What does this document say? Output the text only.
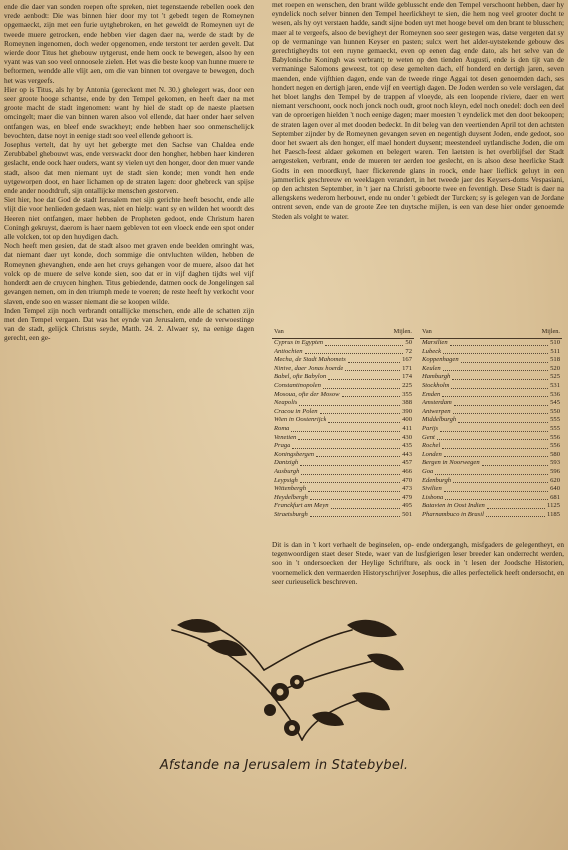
ende die daer van sonden roepen ofte spreken, niet tegenstaende rebellen ooek den vrede aenbodt: Die was binnen hier door my tot 't gebedt tegen de Romeynen opgemaeckt, zijn met een furie uytghebroken, en het geweldt de Romeynen uyt de tweede muere getrocken, ende hebben vier dagen daer na, werde de stadt by de Romeynen ingenomen, doch weder opgenomen, ende terstont ter aerden gevelt. Dat wierde door Titus het ghebouw uytgerust, ende hem oock te bewegen, alsoo hy een vyant was van soo veel onnoosele zielen. Het was die beste koop van hunne muere te beftormen, wendde alle vlijt aen, om die van binnen tot overgave te bewegen, doch het was vergeefs.

Hier op is Titus, als hy by Antonia (gereckent met N. 30.) ghelegert was, door een seer groote hooge schantse, ende by den Tempel gekomen, en heeft daer na met groote macht de stadt ingenomen: want hy hiel de stadt op de naeste plaetsen omcingelt; maer die van binnen waren alsoo vol ellende, dat haer onder haer selven ontfangen was, en bleef ende swackheyt; ende hebben haer soo onmenschelijck bevochten, datse noyt in eenige stadt soo veel ellende gehoort is.

Josephus vertelt, dat hy uyt het gebergte met den Sachse van Chaldea ende Zerubbabel ghebouwt was, ende verswackt door den hongher, hebben haer kinderen geslacht, ende oock haer ouders, want sy vielen uyt den honger, door den muer vande stadt, alsoo dat men niemant uyt de stadt sien konde; men vondt hen ende uytgeworpen doot, en haer lichamen op de straten lagen: door ghebreck van spijse ende ander noodtdruft, sijn ontallijcke menschen gestorven.

Siet hier, hoe dat God de stadt Ierusalem met sijn gerichte heeft besocht, ende alle vlijt die voor henlieden gedaen was, niet en hielp: want sy en wilden het woordt des Heeren niet ontfangen, maer hebben de Propheten gedoot, ende Christum haren Coningh gekruyst, daerom is haer naem gebleven tot een vloeck ende een spot onder alle volcken, tot op den huydigen dach.

Noch heeft men gesien, dat de stadt alsoo met graven ende beelden omringht was, dat niemant daer uyt konde, doch sommige die ontvluchten wilden, hebben de Romeynen ghevanghen, ende aen het cruys gehangen voor de muere, alsoo dat het volck op de muere de selve konde sien, soo dat er in vijf daghen tijdts wel vijf honderdt aen de cruycen hinghen. Titus gebiedende, datmen oock de Jongelingen sal gevangen nemen, om in den triumph mede te voeren; de reste heeft hy verkocht voor slaven, ende soo en wasser niemant die se koopen wilde.

Inden Tempel zijn noch verbrandt ontallijcke menschen, ende alle de schatten zijn met den Tempel vergaen. Dat was het eynde van Jerusalem, ende de verwoestinge van de stadt, gelijck Christus seyde, Matth. 24. 2. Alwaer sy, na eenige dagen gerecht, een ge-

met roepen en wenschen, den brant wilde geblusscht ende den Tempel verschoont hebben, daer hy eyndelick noch selver binnen den Tempel heerlickheyt te sien, die hem nog veel grooter docht te wesen, als hy oyt verstaen hadde, sandt sijne boden uyt met hooge bevel om den brant te blusschen; maer al te vergeefs, alsoo de bevigheyt der Romeynen soo seer gestegen was, datse vergeten dat sy op de vermaninge van hunnen Keyser en pasten; sulcx wert het alder-uytstekende gebouw des gerechtigheydts tot een ruyne gemaeckt, even op eenen dag ende dato, als het selve van de Babylonische Koningh was verbrant; te weten op den tienden Augusti, ende is den tijt van de vermaninge Salomons geweest, tot op dese gemelten dach, elf honderd en dertigh jaren, seven maenden, ende vijfthien dagen, ende van de tweede ringe Aggai tot desen genoemden dach, ses hondert negen en dertigh jaren, ende vijf en veertigh dagen. De Joden werden so vele verslagen, dat het bloet langhs den Tempel by de trappen af vloeyde, als een loopende riviere, daer en wert niemant verschoont, oock noch jonck noch oudt, groot noch kleyn, edel noch onedel: doch een deel van de oproerigen hielden 't noch eenige dagen; maer moesten 't eyndelick met den doot bekoopen; de straten lagen over al met dooden bedeckt. In dit beleg van den veertienden April tot den achtsten September zijnder by de Romeynen gevangen seven en negentigh duysent Joden, ende gedoot, soo door het swaert als den honger, elf mael hondert duysent; meestendeel uytlandische Joden, die om het Paesch-feest aldaer gekomen en belegert waren. Ten laetsten is het overblijfsel der Stadt aengesteken, verbrant, ende de mueren ter aerden toe geslecht, en is alsoo dese heerlicke Stadt Godts in een moordkuyl, haer flickerende glans in roock, ende haer lieflick geluyt in een jammerlick geschreeuw en weeklagen verandert, in het tweede jaer des Keysers-doms Vespasiani, op den achtsten September, in 't jaer na Christi geboorte twee en feventigh. Dese Stadt is daer na allengskens wederom herbouwt, ende nu onder 't gebiedt der Turcken; sy is gelegen van de Jordane ontrent seven, ende van de groote Zee ten duytsche mijlen, is een van dese hier onder genoemde Steden als volght te water.

Van	Mijlen.
Cyprus in Egypten	50
Antiochien	72
Mecha, de Stadt Mahomets	167
Ninive, daer Jonas hoerde	171
Babel, ofte Babylon	174
Constantinopolen	225
Mosoua, ofte der Mosow	355
Neapolis	388
Cracou in Polen	390
Wien in Oostenrijck	400
Roma	411
Venetien	430
Praga	435
Koningsbergen	443
Dantzigh	457
Ausburgh	466
Leypsigh	470
Wittenbergh	473
Heydelbergh	479
Franckfurt am Meyn	495
Straetsburgh	501
Van	Mijlen.
Marsilien	510
Lubeck	511
Koppenhagen	518
Keulen	520
Hamburgh	525
Stockholm	531
Emden	536
Amsterdam	545
Antwerpen	550
Middelburgh	555
Parijs	555
Gent	556
Rochel	556
Londen	580
Bergen in Noorwegen	593
Goa	596
Edenburgh	620
Sivilien	640
Lisbona	681
Batavien in Oost Indien	1125
Pharnambuco in Brasil	1185

Dit is dan in 't kort verhaelt de beginselen, op- ende ondergangh, misfgaders de gelegentheyt, en tegenwoordigen staet deser Stede, waer van de lusfgierigen leser breeder kan onderrecht werden, soo in 't ondersoecken der Heylige Schrifture, als oock in 't lesen der Joodsche Historien, voornemelick den vermaerden Historyschrijver Josephus, die alles perfectelick heeft ondersocht, en seer curieuselick beschreven.

Afstande na Jerusalem in Statebybel.
